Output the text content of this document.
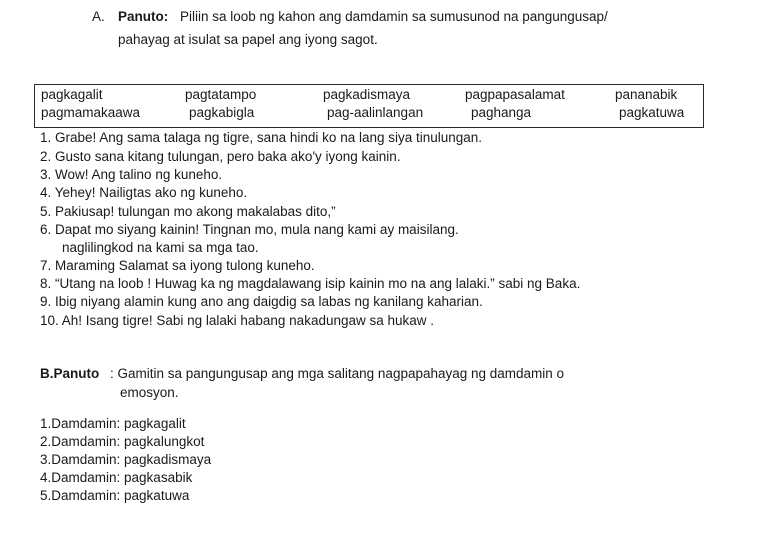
A. Panuto: Piliin sa loob ng kahon ang damdamin sa sumusunod na pangungusap/
pahayag at isulat sa papel ang iyong sagot.
pagkagalit	pagtatampo	pagkadismaya	pagpapasalamat	pananabik
pagmamakaawa	pagkabigla	pag-aalinlangan	paghanga	pagkatuwa
1. Grabe! Ang sama talaga ng tigre, sana hindi ko na lang siya tinulungan.
2. Gusto sana kitang tulungan, pero baka ako'y iyong kainin.
3. Wow! Ang talino ng kuneho.
4. Yehey! Nailigtas ako ng kuneho.
5. Pakiusap! tulungan mo akong makalabas dito,”
6. Dapat mo siyang kainin! Tingnan mo, mula nang kami ay maisilang.
naglilingkod na kami sa mga tao.
7. Maraming Salamat sa iyong tulong kuneho.
8. “Utang na loob ! Huwag ka ng magdalawang isip kainin mo na ang lalaki.” sabi ng Baka.
9. Ibig niyang alamin kung ano ang daigdig sa labas ng kanilang kaharian.
10. Ah! Isang tigre! Sabi ng lalaki habang nakadungaw sa hukaw .
B.Panuto : Gamitin sa pangungusap ang mga salitang nagpapahayag ng damdamin o
emosyon.
1.Damdamin: pagkagalit
2.Damdamin: pagkalungkot
3.Damdamin: pagkadismaya
4.Damdamin: pagkasabik
5.Damdamin: pagkatuwa
